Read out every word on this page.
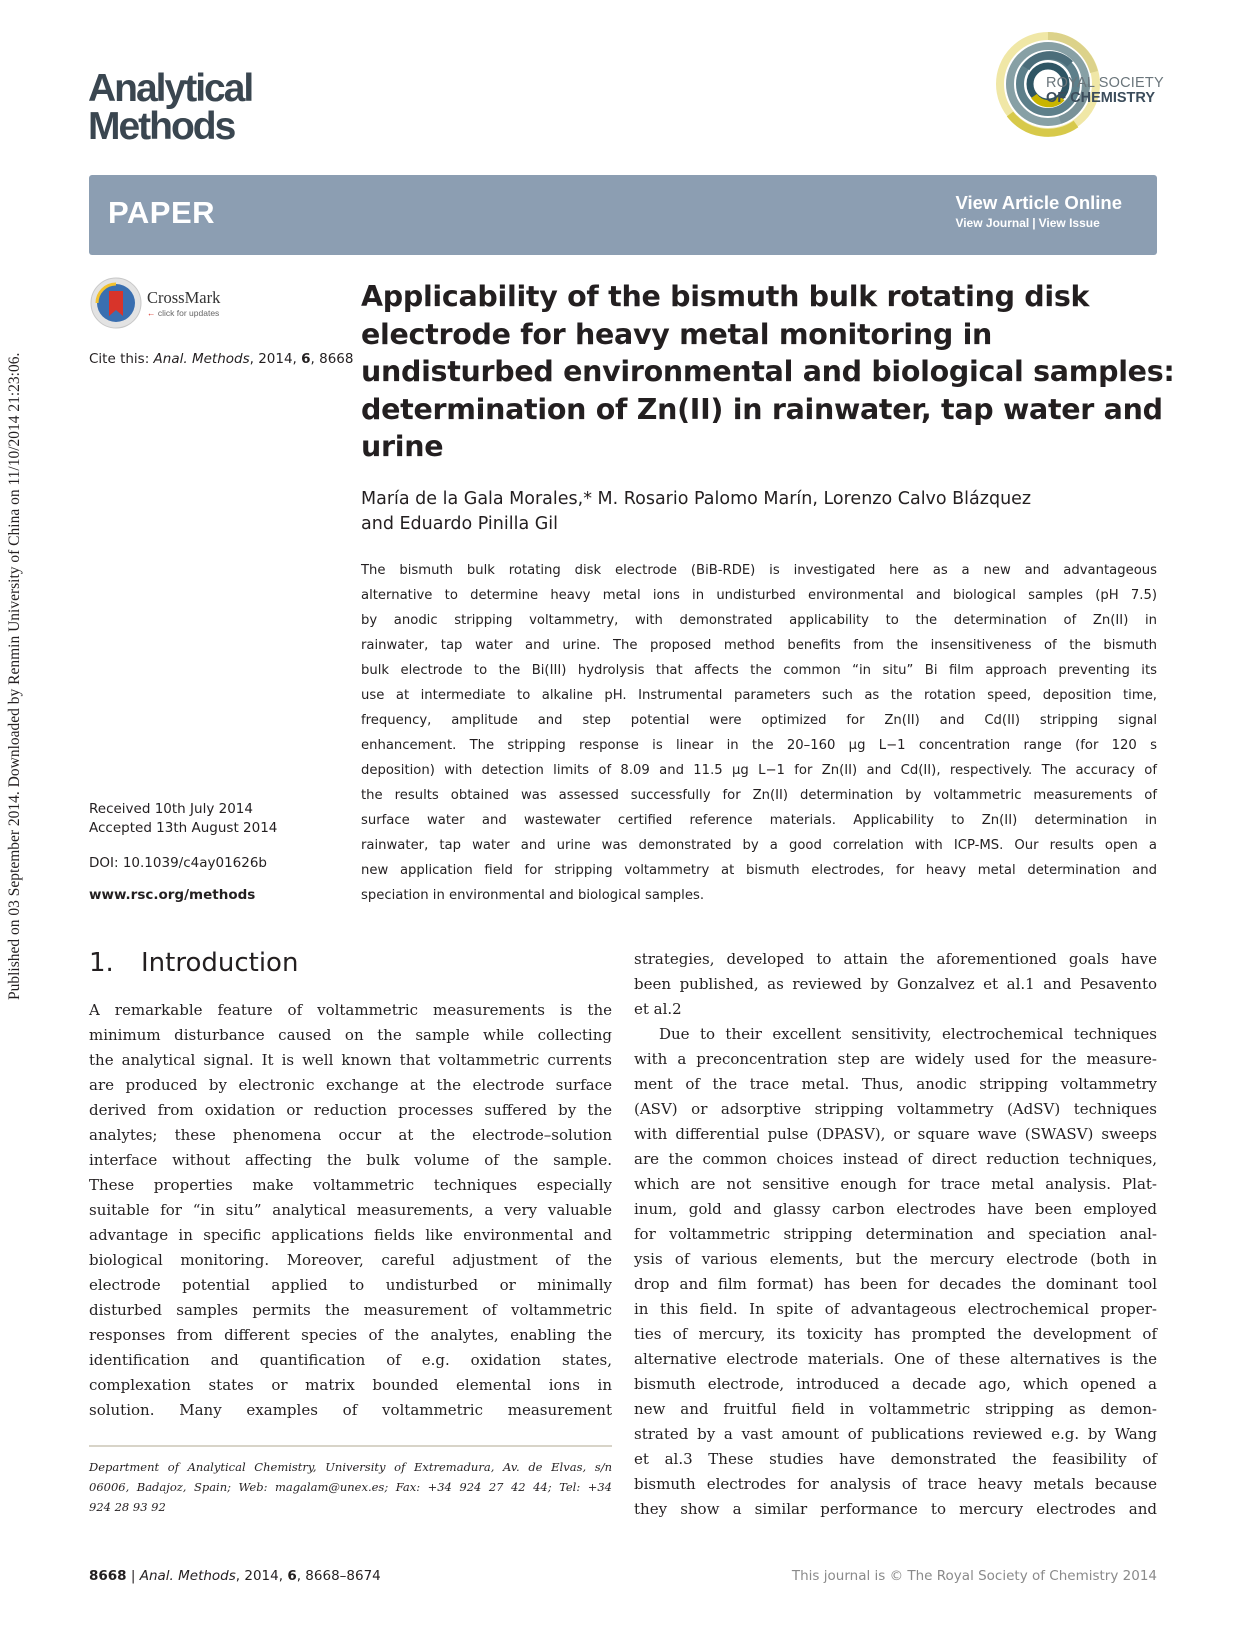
Published on 03 September 2014. Downloaded by Renmin University of China on 11/10/2014 21:23:06.
Analytical
Methods
ROYAL SOCIETY
OF CHEMISTRY
PAPER	View Article Online
View Journal | View Issue
CrossMark
← click for updates
Cite this: Anal. Methods, 2014, 6, 8668
Received 10th July 2014
Accepted 13th August 2014
DOI: 10.1039/c4ay01626b
www.rsc.org/methods
Applicability of the bismuth bulk rotating disk
electrode for heavy metal monitoring in
undisturbed environmental and biological samples:
determination of Zn(II) in rainwater, tap water and
urine
María de la Gala Morales,* M. Rosario Palomo Marín, Lorenzo Calvo Blázquez
and Eduardo Pinilla Gil
The bismuth bulk rotating disk electrode (BiB-RDE) is investigated here as a new and advantageous
alternative to determine heavy metal ions in undisturbed environmental and biological samples (pH 7.5)
by anodic stripping voltammetry, with demonstrated applicability to the determination of Zn(II) in
rainwater, tap water and urine. The proposed method benefits from the insensitiveness of the bismuth
bulk electrode to the Bi(III) hydrolysis that affects the common “in situ” Bi film approach preventing its
use at intermediate to alkaline pH. Instrumental parameters such as the rotation speed, deposition time,
frequency, amplitude and step potential were optimized for Zn(II) and Cd(II) stripping signal
enhancement. The stripping response is linear in the 20–160 μg L−1 concentration range (for 120 s
deposition) with detection limits of 8.09 and 11.5 μg L−1 for Zn(II) and Cd(II), respectively. The accuracy of
the results obtained was assessed successfully for Zn(II) determination by voltammetric measurements of
surface water and wastewater certified reference materials. Applicability to Zn(II) determination in
rainwater, tap water and urine was demonstrated by a good correlation with ICP-MS. Our results open a
new application field for stripping voltammetry at bismuth electrodes, for heavy metal determination and
speciation in environmental and biological samples.
1. Introduction
A remarkable feature of voltammetric measurements is the
minimum disturbance caused on the sample while collecting
the analytical signal. It is well known that voltammetric currents
are produced by electronic exchange at the electrode surface
derived from oxidation or reduction processes suffered by the
analytes; these phenomena occur at the electrode–solution
interface without affecting the bulk volume of the sample.
These properties make voltammetric techniques especially
suitable for “in situ” analytical measurements, a very valuable
advantage in specific applications fields like environmental and
biological monitoring. Moreover, careful adjustment of the
electrode potential applied to undisturbed or minimally
disturbed samples permits the measurement of voltammetric
responses from different species of the analytes, enabling the
identification and quantification of e.g. oxidation states,
complexation states or matrix bounded elemental ions in
solution. Many examples of voltammetric measurement
strategies, developed to attain the aforementioned goals have
been published, as reviewed by Gonzalvez et al.1 and Pesavento
et al.2
Due to their excellent sensitivity, electrochemical techniques
with a preconcentration step are widely used for the measure-
ment of the trace metal. Thus, anodic stripping voltammetry
(ASV) or adsorptive stripping voltammetry (AdSV) techniques
with differential pulse (DPASV), or square wave (SWASV) sweeps
are the common choices instead of direct reduction techniques,
which are not sensitive enough for trace metal analysis. Plat-
inum, gold and glassy carbon electrodes have been employed
for voltammetric stripping determination and speciation anal-
ysis of various elements, but the mercury electrode (both in
drop and film format) has been for decades the dominant tool
in this field. In spite of advantageous electrochemical proper-
ties of mercury, its toxicity has prompted the development of
alternative electrode materials. One of these alternatives is the
bismuth electrode, introduced a decade ago, which opened a
new and fruitful field in voltammetric stripping as demon-
strated by a vast amount of publications reviewed e.g. by Wang
et al.3 These studies have demonstrated the feasibility of
bismuth electrodes for analysis of trace heavy metals because
they show a similar performance to mercury electrodes and
Department of Analytical Chemistry, University of Extremadura, Av. de Elvas, s/n
06006, Badajoz, Spain; Web: magalam@unex.es; Fax: +34 924 27 42 44; Tel: +34
924 28 93 92
8668 | Anal. Methods, 2014, 6, 8668–8674	This journal is © The Royal Society of Chemistry 2014
